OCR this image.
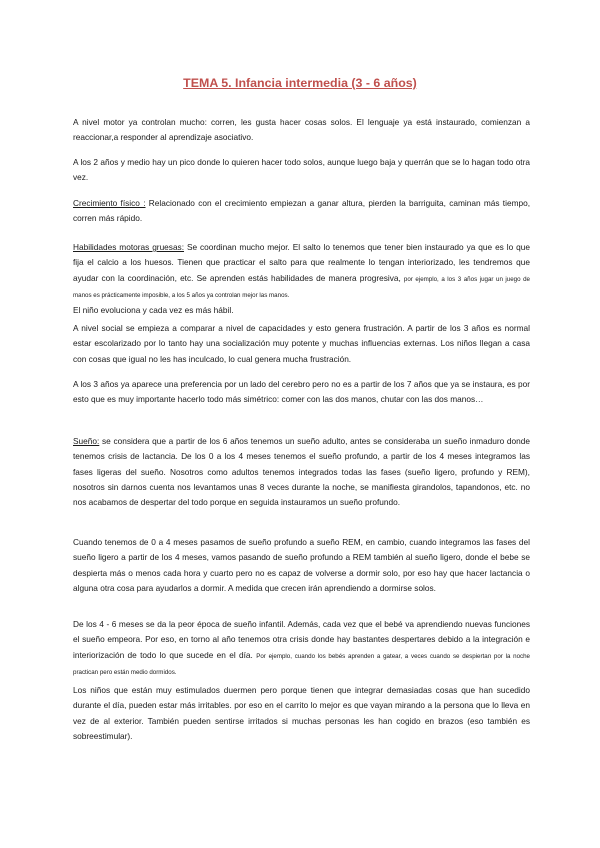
TEMA 5. Infancia intermedia (3 - 6 años)

A nivel motor ya controlan mucho: corren, les gusta hacer cosas solos. El lenguaje ya está instaurado, comienzan a reaccionar,a responder al aprendizaje asociativo.

A los 2 años y medio hay un pico donde lo quieren hacer todo solos, aunque luego baja y querrán que se lo hagan todo otra vez.

Crecimiento físico : Relacionado con el crecimiento empiezan a ganar altura, pierden la barriguita, caminan más tiempo, corren más rápido.

Habilidades motoras gruesas: Se coordinan mucho mejor. El salto lo tenemos que tener bien instaurado ya que es lo que fija el calcio a los huesos. Tienen que practicar el salto para que realmente lo tengan interiorizado, les tendremos que ayudar con la coordinación, etc. Se aprenden estás habilidades de manera progresiva, por ejemplo, a los 3 años jugar un juego de manos es prácticamente imposible, a los 5 años ya controlan mejor las manos.
El niño evoluciona y cada vez es más hábil.

A nivel social se empieza a comparar a nivel de capacidades y esto genera frustración. A partir de los 3 años es normal estar escolarizado por lo tanto hay una socialización muy potente y muchas influencias externas. Los niños llegan a casa con cosas que igual no les has inculcado, lo cual genera mucha frustración.

A los 3 años ya aparece una preferencia por un lado del cerebro pero no es a partir de los 7 años que ya se instaura, es por esto que es muy importante hacerlo todo más simétrico: comer con las dos manos, chutar con las dos manos…

Sueño: se considera que a partir de los 6 años tenemos un sueño adulto, antes se consideraba un sueño inmaduro donde tenemos crisis de lactancia. De los 0 a los 4 meses tenemos el sueño profundo, a partir de los 4 meses integramos las fases ligeras del sueño. Nosotros como adultos tenemos integrados todas las fases (sueño ligero, profundo y REM), nosotros sin darnos cuenta nos levantamos unas 8 veces durante la noche, se manifiesta girandolos, tapandonos, etc. no nos acabamos de despertar del todo porque en seguida instauramos un sueño profundo.

Cuando tenemos de 0 a 4 meses pasamos de sueño profundo a sueño REM, en cambio, cuando integramos las fases del sueño ligero a partir de los 4 meses, vamos pasando de sueño profundo a REM también al sueño ligero, donde el bebe se despierta más o menos cada hora y cuarto pero no es capaz de volverse a dormir solo, por eso hay que hacer lactancia o alguna otra cosa para ayudarlos a dormir. A medida que crecen irán aprendiendo a dormirse solos.

De los 4 - 6 meses se da la peor época de sueño infantil. Además, cada vez que el bebé va aprendiendo nuevas funciones el sueño empeora. Por eso, en torno al año tenemos otra crisis donde hay bastantes despertares debido a la integración e interiorización de todo lo que sucede en el día. Por ejemplo, cuando los bebés aprenden a gatear, a veces cuando se despiertan por la noche practican pero están medio dormidos.

Los niños que están muy estimulados duermen pero porque tienen que integrar demasiadas cosas que han sucedido durante el día, pueden estar más irritables. por eso en el carrito lo mejor es que vayan mirando a la persona que lo lleva en vez de al exterior. También pueden sentirse irritados si muchas personas les han cogido en brazos (eso también es sobreestimular).
